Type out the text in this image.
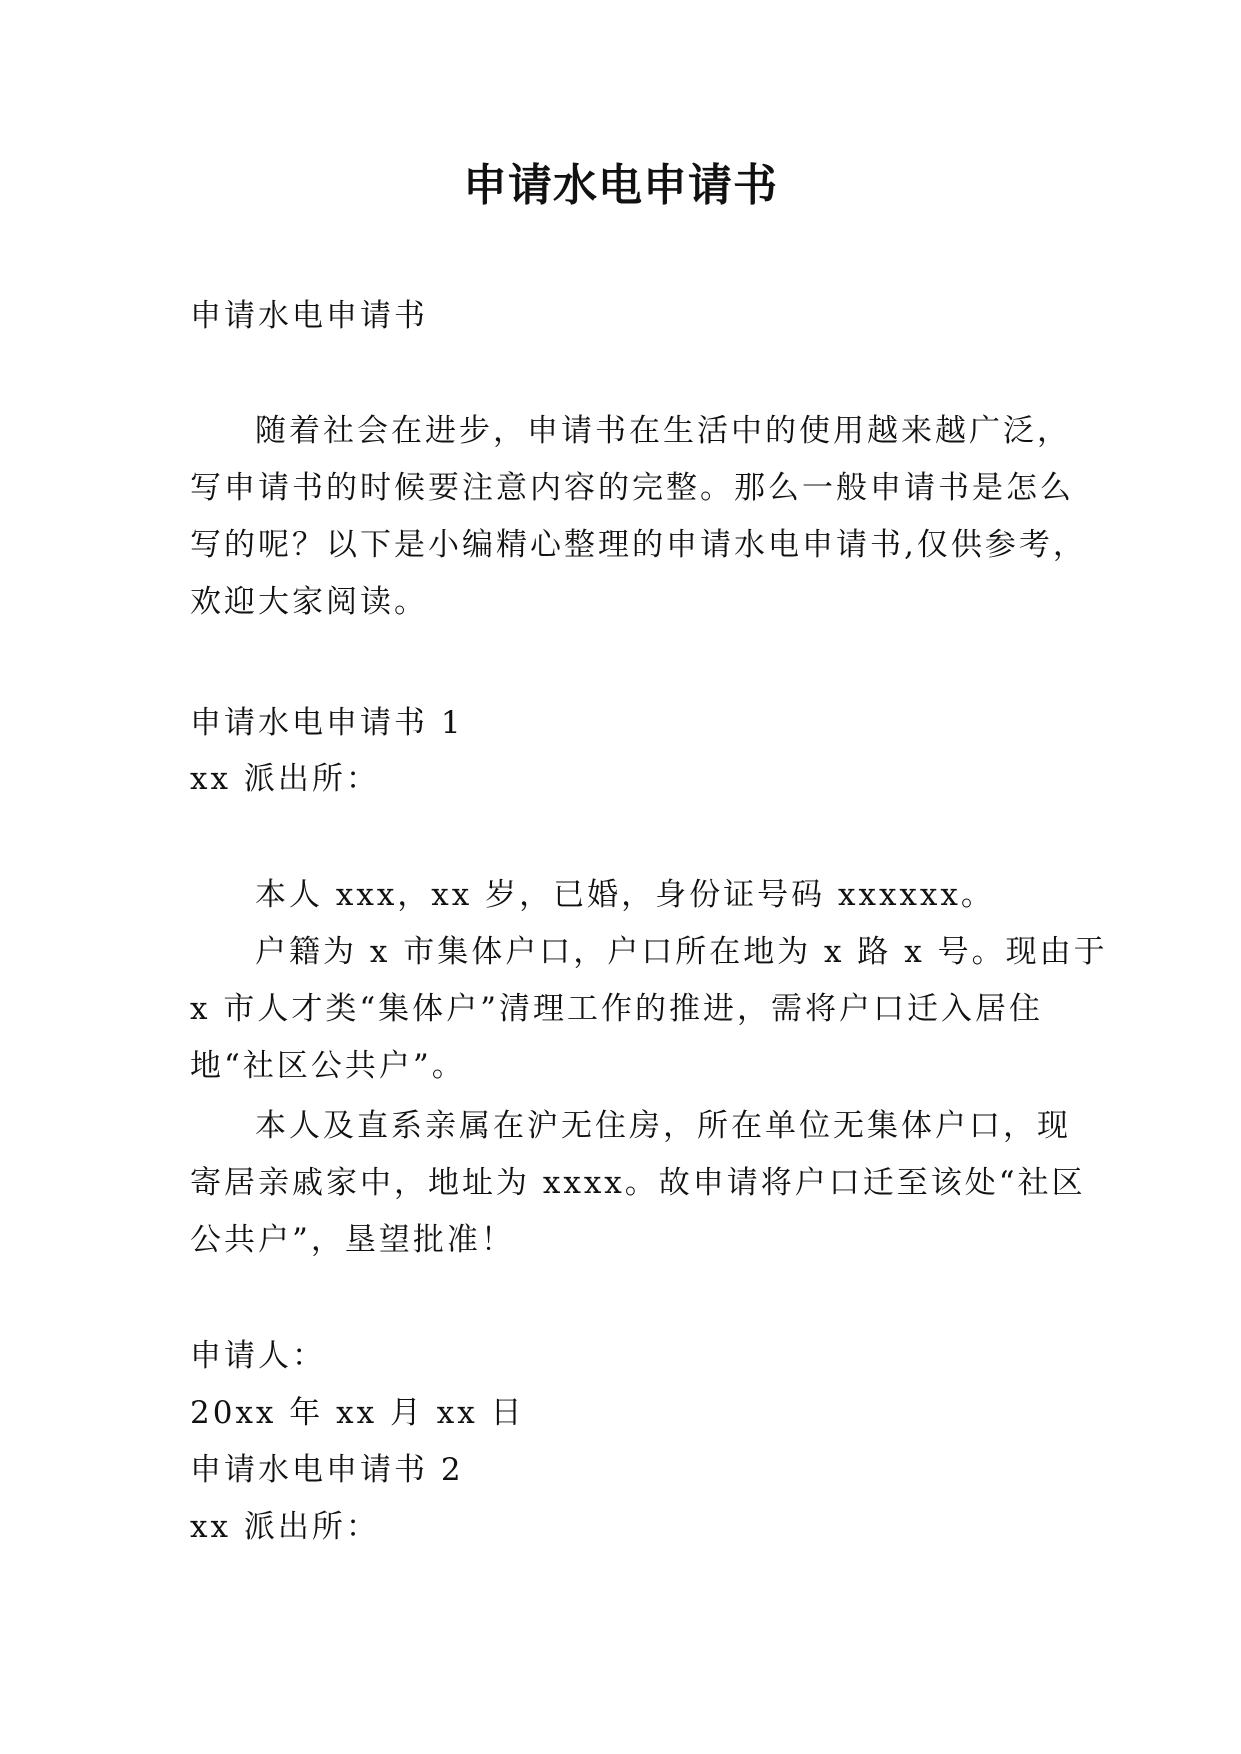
申请水电申请书
申请水电申请书
随着社会在进步，申请书在生活中的使用越来越广泛，
写申请书的时候要注意内容的完整。那么一般申请书是怎么
写的呢？以下是小编精心整理的申请水电申请书,仅供参考，
欢迎大家阅读。
申请水电申请书 1
xx 派出所：
本人 xxx，xx 岁，已婚，身份证号码 xxxxxx。
户籍为 x 市集体户口，户口所在地为 x 路 x 号。现由于
x 市人才类“集体户”清理工作的推进，需将户口迁入居住
地“社区公共户”。
本人及直系亲属在沪无住房，所在单位无集体户口，现
寄居亲戚家中，地址为 xxxx。故申请将户口迁至该处“社区
公共户”，垦望批准！
申请人：
20xx 年 xx 月 xx 日
申请水电申请书 2
xx 派出所：
